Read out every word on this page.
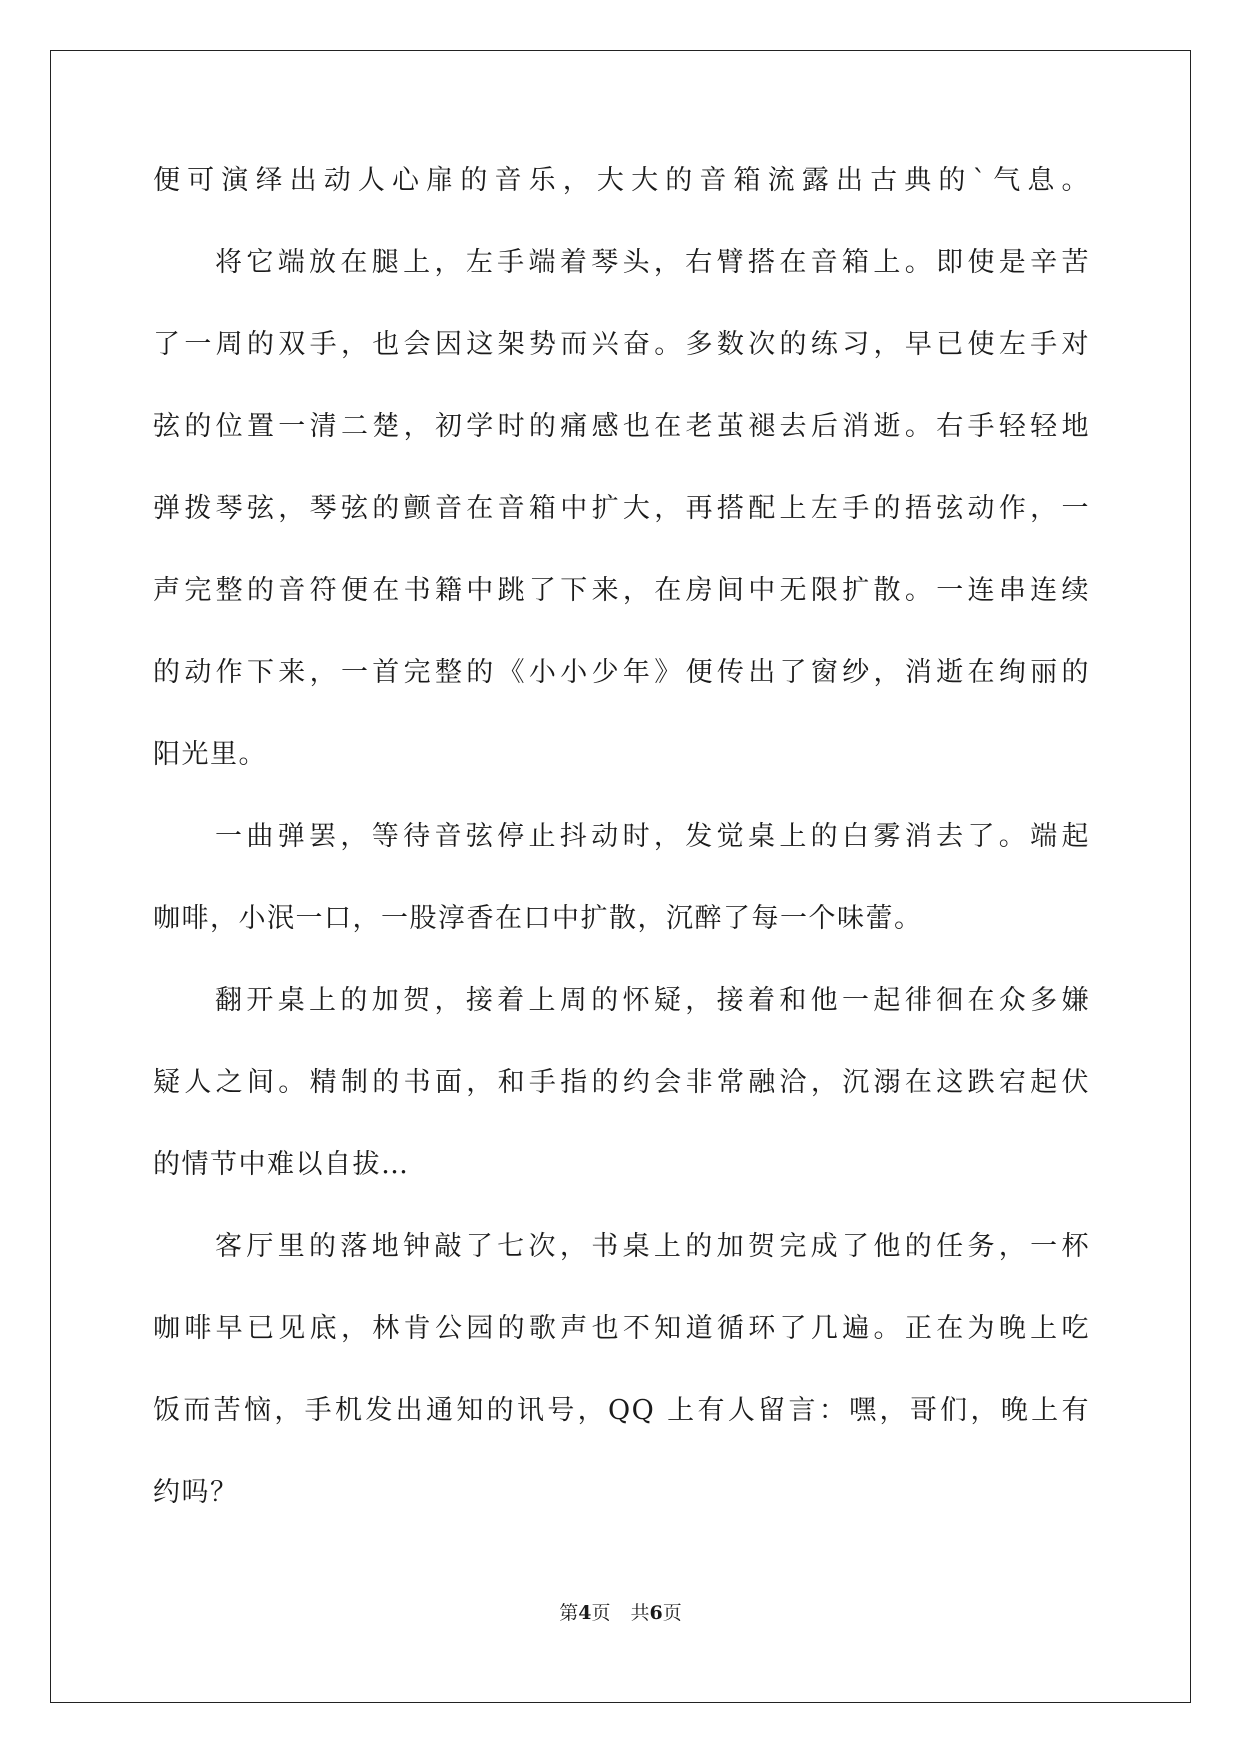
便可演绎出动人心扉的音乐，大大的音箱流露出古典的`气息。
将它端放在腿上，左手端着琴头，右臂搭在音箱上。即使是辛苦
了一周的双手，也会因这架势而兴奋。多数次的练习，早已使左手对
弦的位置一清二楚，初学时的痛感也在老茧褪去后消逝。右手轻轻地
弹拨琴弦，琴弦的颤音在音箱中扩大，再搭配上左手的捂弦动作，一
声完整的音符便在书籍中跳了下来，在房间中无限扩散。一连串连续
的动作下来，一首完整的《小小少年》便传出了窗纱，消逝在绚丽的
阳光里。
一曲弹罢，等待音弦停止抖动时，发觉桌上的白雾消去了。端起
咖啡，小泯一口，一股淳香在口中扩散，沉醉了每一个味蕾。
翻开桌上的加贺，接着上周的怀疑，接着和他一起徘徊在众多嫌
疑人之间。精制的书面，和手指的约会非常融洽，沉溺在这跌宕起伏
的情节中难以自拔…
客厅里的落地钟敲了七次，书桌上的加贺完成了他的任务，一杯
咖啡早已见底，林肯公园的歌声也不知道循环了几遍。正在为晚上吃
饭而苦恼，手机发出通知的讯号，QQ 上有人留言：嘿，哥们，晚上有
约吗？
第4页 共6页
